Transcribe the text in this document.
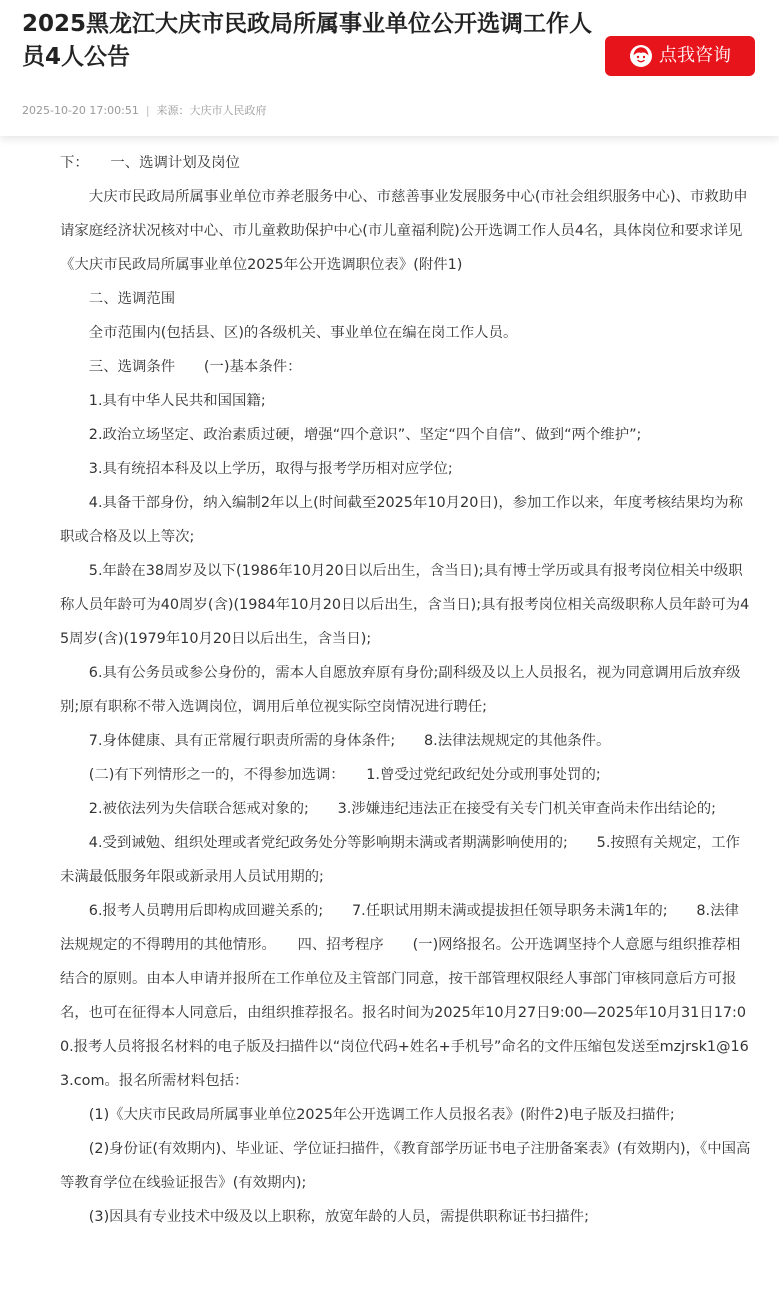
2025黑龙江大庆市民政局所属事业单位公开选调工作人员4人公告	点我咨询
2025-10-20 17:00:51 | 来源：大庆市人民政府

下：　　一、选调计划及岗位

大庆市民政局所属事业单位市养老服务中心、市慈善事业发展服务中心(市社会组织服务中心)、市救助申请家庭经济状况核对中心、市儿童救助保护中心(市儿童福利院)公开选调工作人员4名，具体岗位和要求详见《大庆市民政局所属事业单位2025年公开选调职位表》(附件1)

二、选调范围

全市范围内(包括县、区)的各级机关、事业单位在编在岗工作人员。

三、选调条件　　(一)基本条件：

1.具有中华人民共和国国籍;

2.政治立场坚定、政治素质过硬，增强“四个意识”、坚定“四个自信”、做到“两个维护”;

3.具有统招本科及以上学历，取得与报考学历相对应学位;

4.具备干部身份，纳入编制2年以上(时间截至2025年10月20日)，参加工作以来，年度考核结果均为称职或合格及以上等次;

5.年龄在38周岁及以下(1986年10月20日以后出生，含当日);具有博士学历或具有报考岗位相关中级职称人员年龄可为40周岁(含)(1984年10月20日以后出生，含当日);具有报考岗位相关高级职称人员年龄可为45周岁(含)(1979年10月20日以后出生，含当日);

6.具有公务员或参公身份的，需本人自愿放弃原有身份;副科级及以上人员报名，视为同意调用后放弃级别;原有职称不带入选调岗位，调用后单位视实际空岗情况进行聘任;

7.身体健康、具有正常履行职责所需的身体条件;　　8.法律法规规定的其他条件。

(二)有下列情形之一的，不得参加选调：　　1.曾受过党纪政纪处分或刑事处罚的;

2.被依法列为失信联合惩戒对象的;　　3.涉嫌违纪违法正在接受有关专门机关审查尚未作出结论的;

4.受到诫勉、组织处理或者党纪政务处分等影响期未满或者期满影响使用的;　　5.按照有关规定，工作未满最低服务年限或新录用人员试用期的;

6.报考人员聘用后即构成回避关系的;　　7.任职试用期未满或提拔担任领导职务未满1年的;　　8.法律法规规定的不得聘用的其他情形。　　四、招考程序　　(一)网络报名。公开选调坚持个人意愿与组织推荐相结合的原则。由本人申请并报所在工作单位及主管部门同意，按干部管理权限经人事部门审核同意后方可报名，也可在征得本人同意后，由组织推荐报名。报名时间为2025年10月27日9:00—2025年10月31日17:00.报考人员将报名材料的电子版及扫描件以“岗位代码+姓名+手机号”命名的文件压缩包发送至mzjrsk1@163.com。报名所需材料包括：

(1)《大庆市民政局所属事业单位2025年公开选调工作人员报名表》(附件2)电子版及扫描件;

(2)身份证(有效期内)、毕业证、学位证扫描件，《教育部学历证书电子注册备案表》(有效期内)，《中国高等教育学位在线验证报告》(有效期内);

(3)因具有专业技术中级及以上职称，放宽年龄的人员，需提供职称证书扫描件;
